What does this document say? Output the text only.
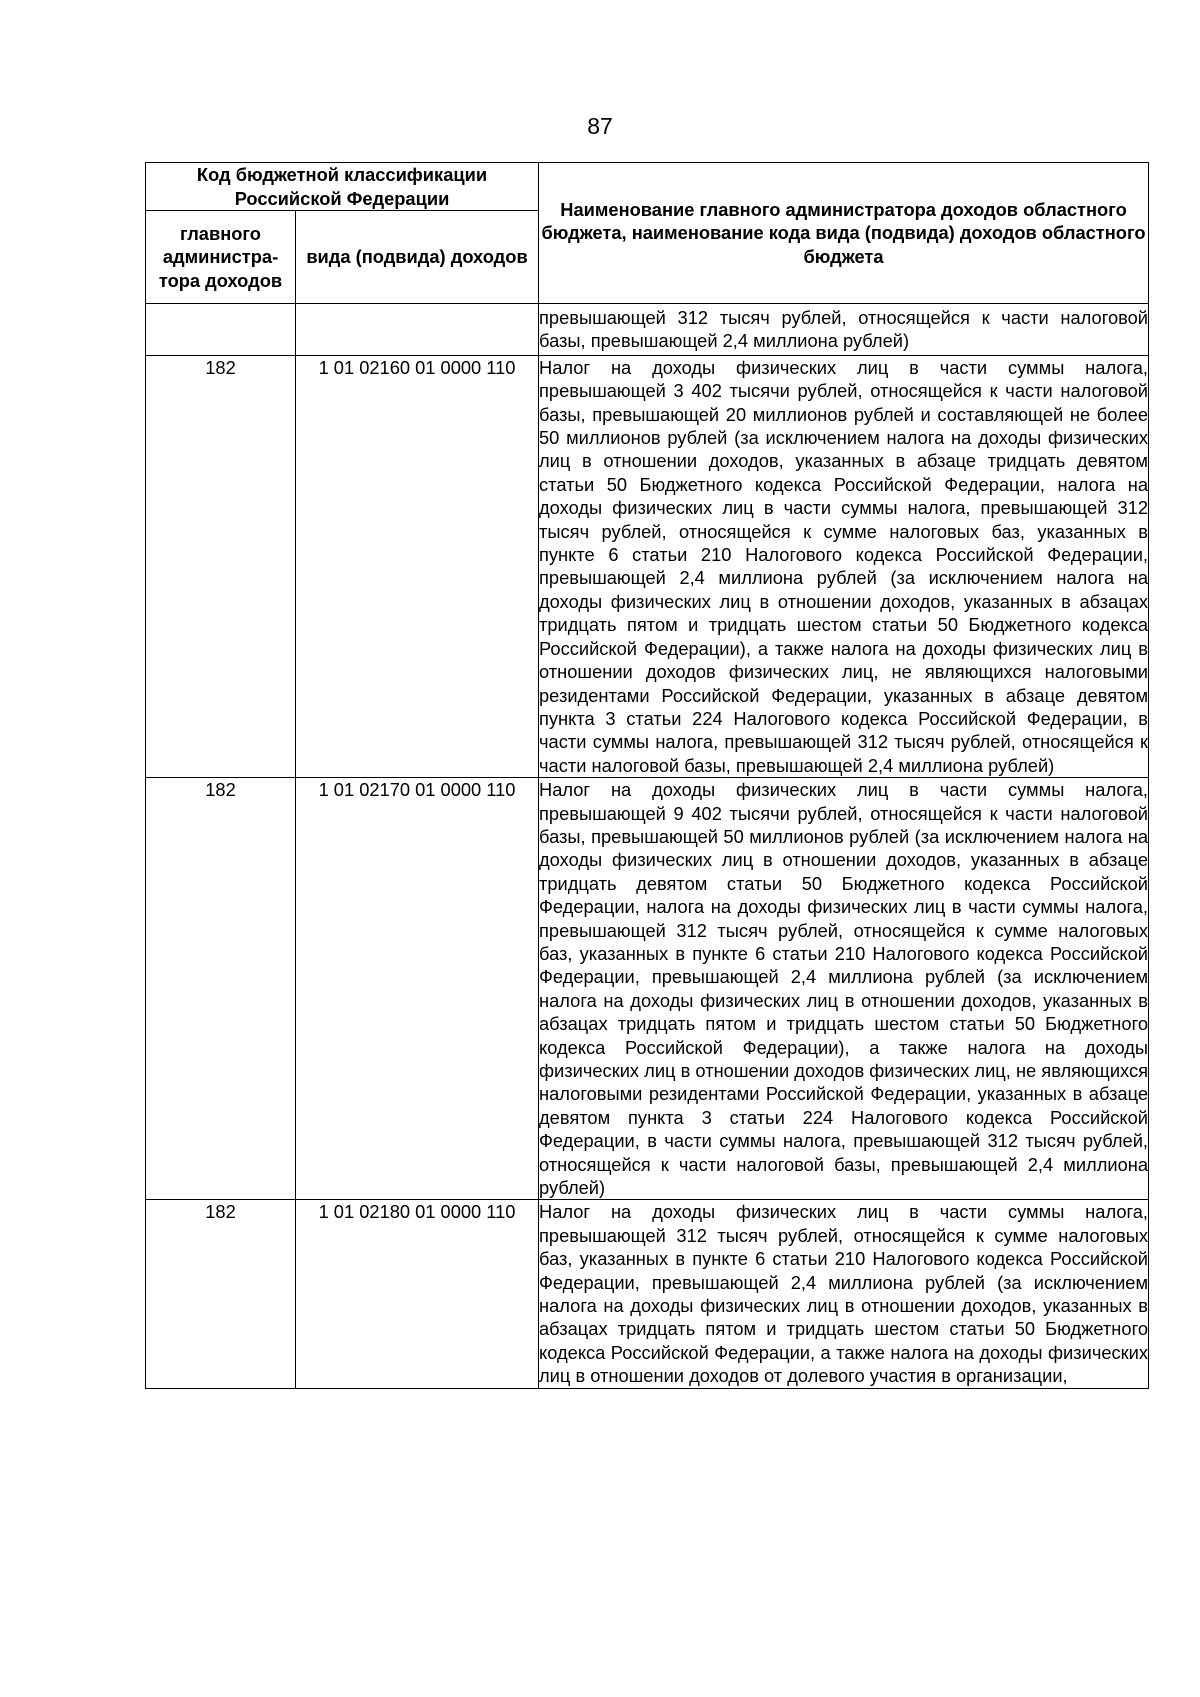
87
Код бюджетной классификации Российской Федерации		Наименование главного администратора доходов областного бюджета, наименование кода вида (подвида) доходов областного бюджета
главного администра-тора доходов	вида (подвида) доходов	
		превышающей 312 тысяч рублей, относящейся к части налоговой базы, превышающей 2,4 миллиона рублей)
182	1 01 02160 01 0000 110	Налог на доходы физических лиц в части суммы налога, превышающей 3 402 тысячи рублей, относящейся к части налоговой базы, превышающей 20 миллионов рублей и составляющей не более 50 миллионов рублей (за исключением налога на доходы физических лиц в отношении доходов, указанных в абзаце тридцать девятом статьи 50 Бюджетного кодекса Российской Федерации, налога на доходы физических лиц в части суммы налога, превышающей 312 тысяч рублей, относящейся к сумме налоговых баз, указанных в пункте 6 статьи 210 Налогового кодекса Российской Федерации, превышающей 2,4 миллиона рублей (за исключением налога на доходы физических лиц в отношении доходов, указанных в абзацах тридцать пятом и тридцать шестом статьи 50 Бюджетного кодекса Российской Федерации), а также налога на доходы физических лиц в отношении доходов физических лиц, не являющихся налоговыми резидентами Российской Федерации, указанных в абзаце девятом пункта 3 статьи 224 Налогового кодекса Российской Федерации, в части суммы налога, превышающей 312 тысяч рублей, относящейся к части налоговой базы, превышающей 2,4 миллиона рублей)
182	1 01 02170 01 0000 110	Налог на доходы физических лиц в части суммы налога, превышающей 9 402 тысячи рублей, относящейся к части налоговой базы, превышающей 50 миллионов рублей (за исключением налога на доходы физических лиц в отношении доходов, указанных в абзаце тридцать девятом статьи 50 Бюджетного кодекса Российской Федерации, налога на доходы физических лиц в части суммы налога, превышающей 312 тысяч рублей, относящейся к сумме налоговых баз, указанных в пункте 6 статьи 210 Налогового кодекса Российской Федерации, превышающей 2,4 миллиона рублей (за исключением налога на доходы физических лиц в отношении доходов, указанных в абзацах тридцать пятом и тридцать шестом статьи 50 Бюджетного кодекса Российской Федерации), а также налога на доходы физических лиц в отношении доходов физических лиц, не являющихся налоговыми резидентами Российской Федерации, указанных в абзаце девятом пункта 3 статьи 224 Налогового кодекса Российской Федерации, в части суммы налога, превышающей 312 тысяч рублей, относящейся к части налоговой базы, превышающей 2,4 миллиона рублей)
182	1 01 02180 01 0000 110	Налог на доходы физических лиц в части суммы налога, превышающей 312 тысяч рублей, относящейся к сумме налоговых баз, указанных в пункте 6 статьи 210 Налогового кодекса Российской Федерации, превышающей 2,4 миллиона рублей (за исключением налога на доходы физических лиц в отношении доходов, указанных в абзацах тридцать пятом и тридцать шестом статьи 50 Бюджетного кодекса Российской Федерации, а также налога на доходы физических лиц в отношении доходов от долевого участия в организации,
